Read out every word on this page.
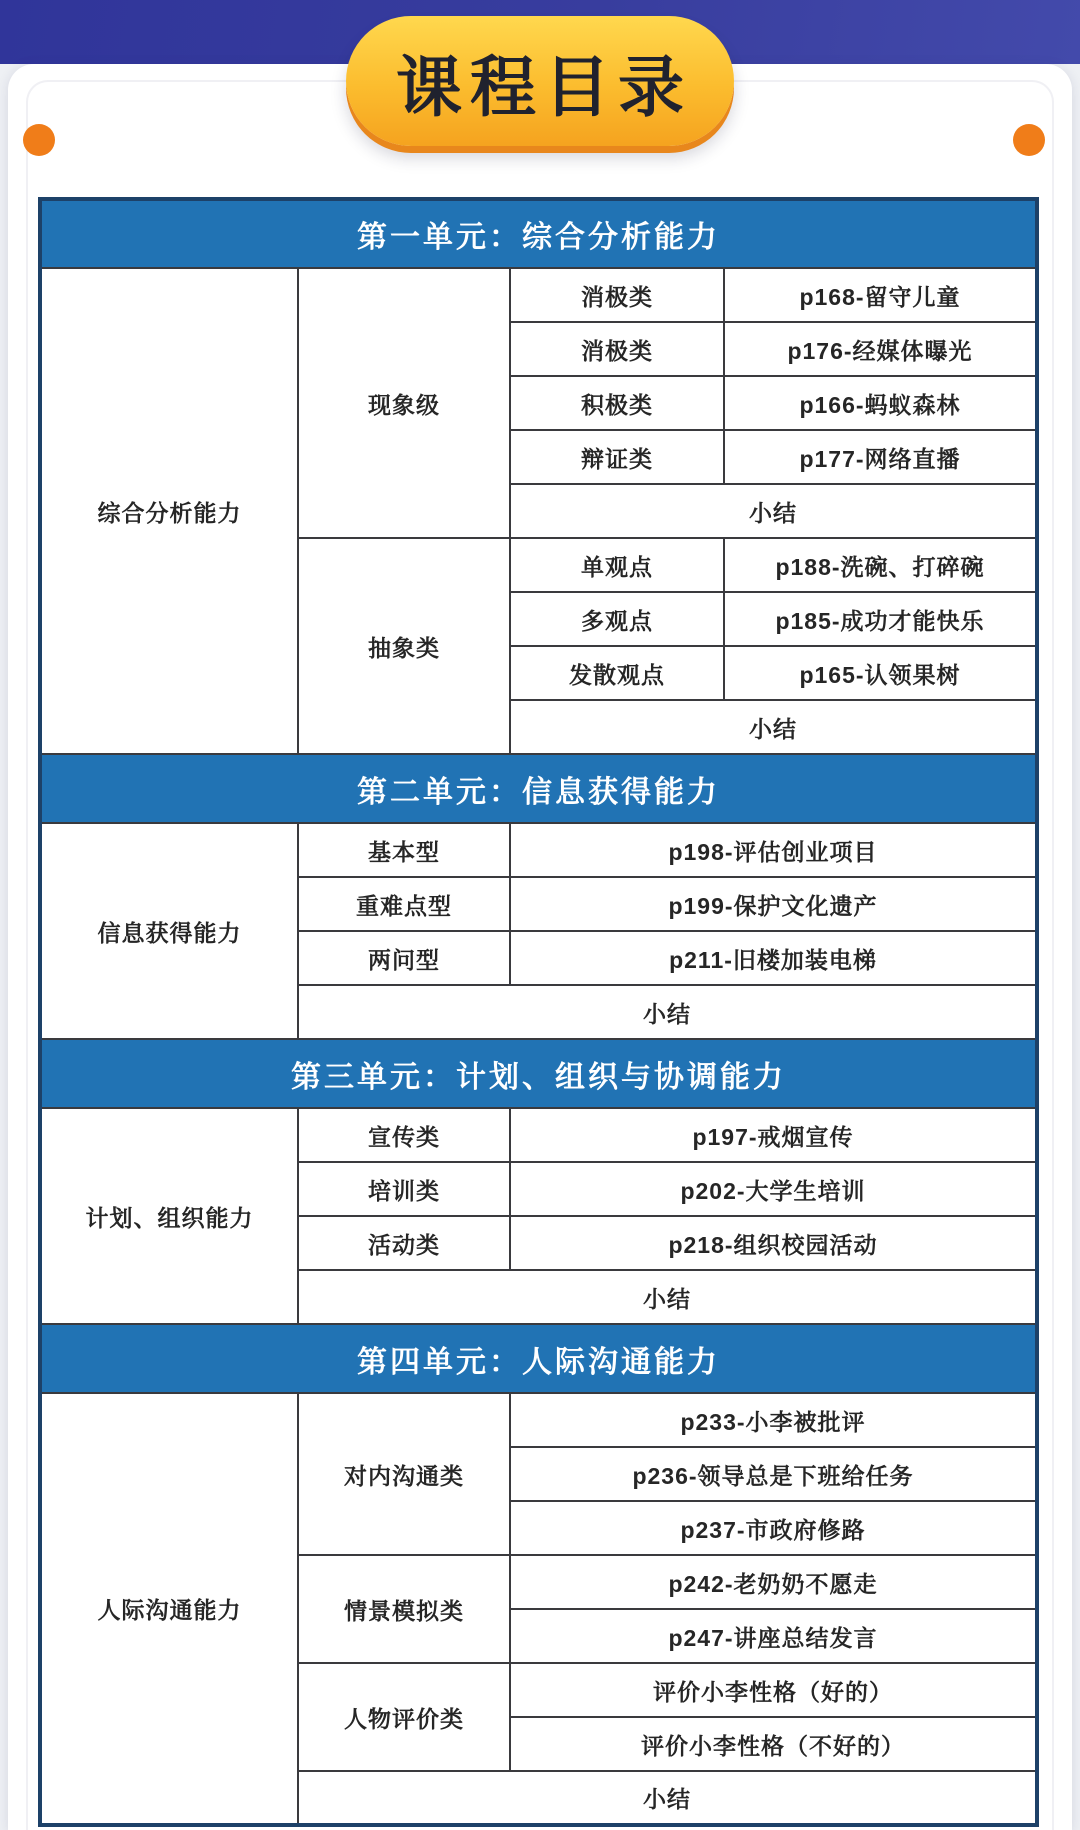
课程目录
第一单元：综合分析能力			
综合分析能力	现象级	消极类	p168-留守儿童
		消极类	p176-经媒体曝光
		积极类	p166-蚂蚁森林
		辩证类	p177-网络直播
		小结	
	抽象类	单观点	p188-洗碗、打碎碗
		多观点	p185-成功才能快乐
		发散观点	p165-认领果树
		小结	
第二单元：信息获得能力			
信息获得能力	基本型	p198-评估创业项目	
	重难点型	p199-保护文化遗产	
	两问型	p211-旧楼加装电梯	
	小结		
第三单元：计划、组织与协调能力			
计划、组织能力	宣传类	p197-戒烟宣传	
	培训类	p202-大学生培训	
	活动类	p218-组织校园活动	
	小结		
第四单元：人际沟通能力			
人际沟通能力	对内沟通类	p233-小李被批评	
		p236-领导总是下班给任务	
		p237-市政府修路	
	情景模拟类	p242-老奶奶不愿走	
		p247-讲座总结发言	
	人物评价类	评价小李性格（好的）	
		评价小李性格（不好的）	
	小结		
